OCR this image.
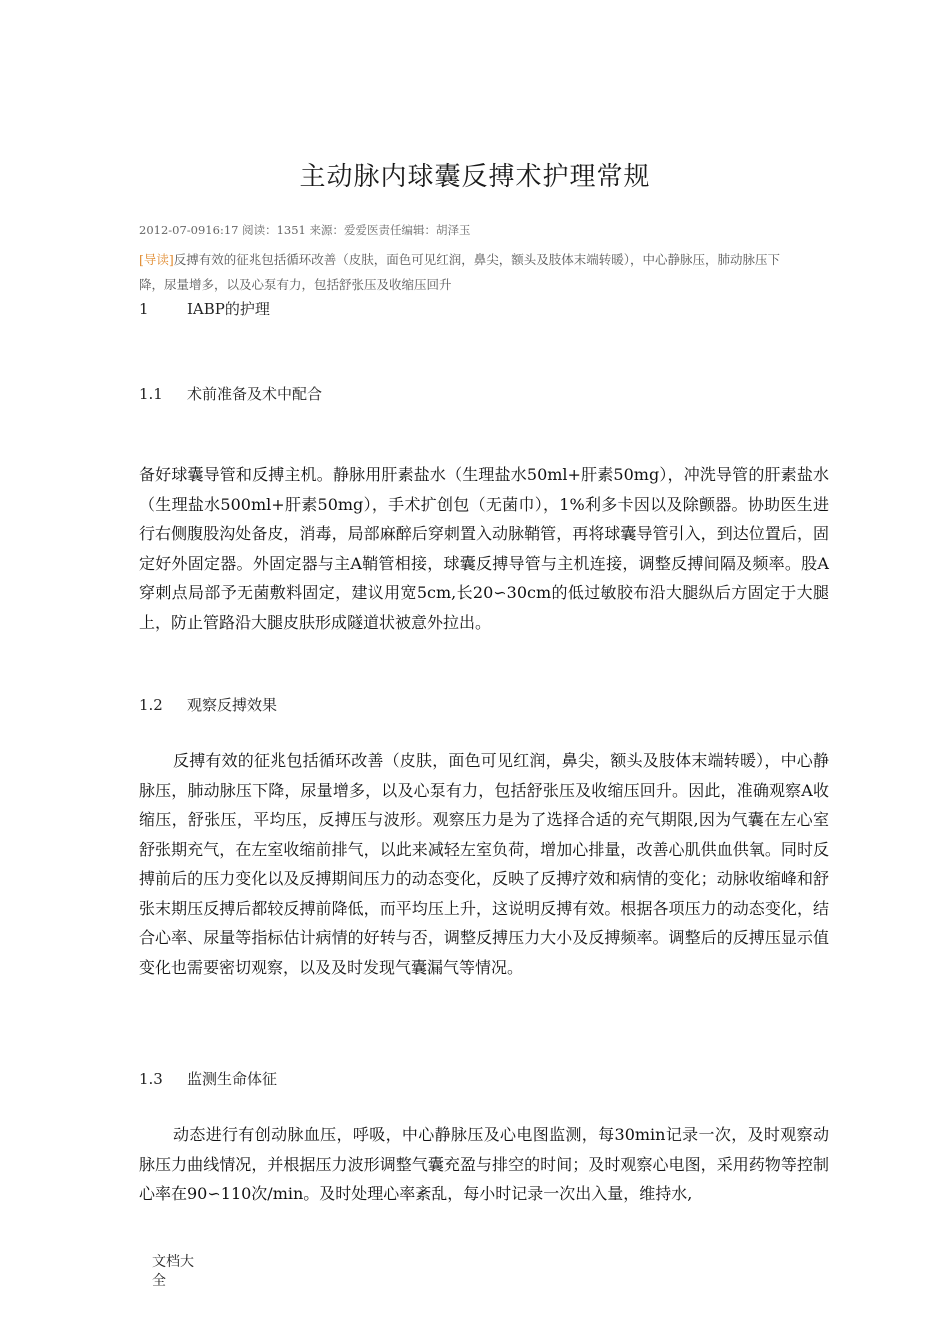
主动脉内球囊反搏术护理常规
2012-07-0916:17 阅读：1351 来源：爱爱医责任编辑：胡泽玉
[导读]反搏有效的征兆包括循环改善（皮肤，面色可见红润，鼻尖，额头及肢体末端转暖），中心静脉压，肺动脉压下降，尿量增多，以及心泵有力，包括舒张压及收缩压回升
1	IABP的护理
1.1 术前准备及术中配合
备好球囊导管和反搏主机。静脉用肝素盐水（生理盐水50ml+肝素50mg），冲洗导管的肝素盐水（生理盐水500ml+肝素50mg），手术扩创包（无菌巾），1%利多卡因以及除颤器。协助医生进行右侧腹股沟处备皮，消毒，局部麻醉后穿刺置入动脉鞘管，再将球囊导管引入，到达位置后，固定好外固定器。外固定器与主A鞘管相接，球囊反搏导管与主机连接，调整反搏间隔及频率。股A穿刺点局部予无菌敷料固定，建议用宽5cm,长20∽30cm的低过敏胶布沿大腿纵后方固定于大腿上，防止管路沿大腿皮肤形成隧道状被意外拉出。
1.2 观察反搏效果
反搏有效的征兆包括循环改善（皮肤，面色可见红润，鼻尖，额头及肢体末端转暖），中心静脉压，肺动脉压下降，尿量增多，以及心泵有力，包括舒张压及收缩压回升。因此，准确观察A收缩压，舒张压，平均压，反搏压与波形。观察压力是为了选择合适的充气期限,因为气囊在左心室舒张期充气，在左室收缩前排气，以此来减轻左室负荷，增加心排量，改善心肌供血供氧。同时反搏前后的压力变化以及反搏期间压力的动态变化，反映了反搏疗效和病情的变化；动脉收缩峰和舒张末期压反搏后都较反搏前降低，而平均压上升，这说明反搏有效。根据各项压力的动态变化，结合心率、尿量等指标估计病情的好转与否，调整反搏压力大小及反搏频率。调整后的反搏压显示值变化也需要密切观察，以及及时发现气囊漏气等情况。
1.3 监测生命体征
动态进行有创动脉血压，呼吸，中心静脉压及心电图监测，每30min记录一次，及时观察动脉压力曲线情况，并根据压力波形调整气囊充盈与排空的时间；及时观察心电图，采用药物等控制心率在90∽110次/min。及时处理心率紊乱，每小时记录一次出入量，维持水,
文档大全
